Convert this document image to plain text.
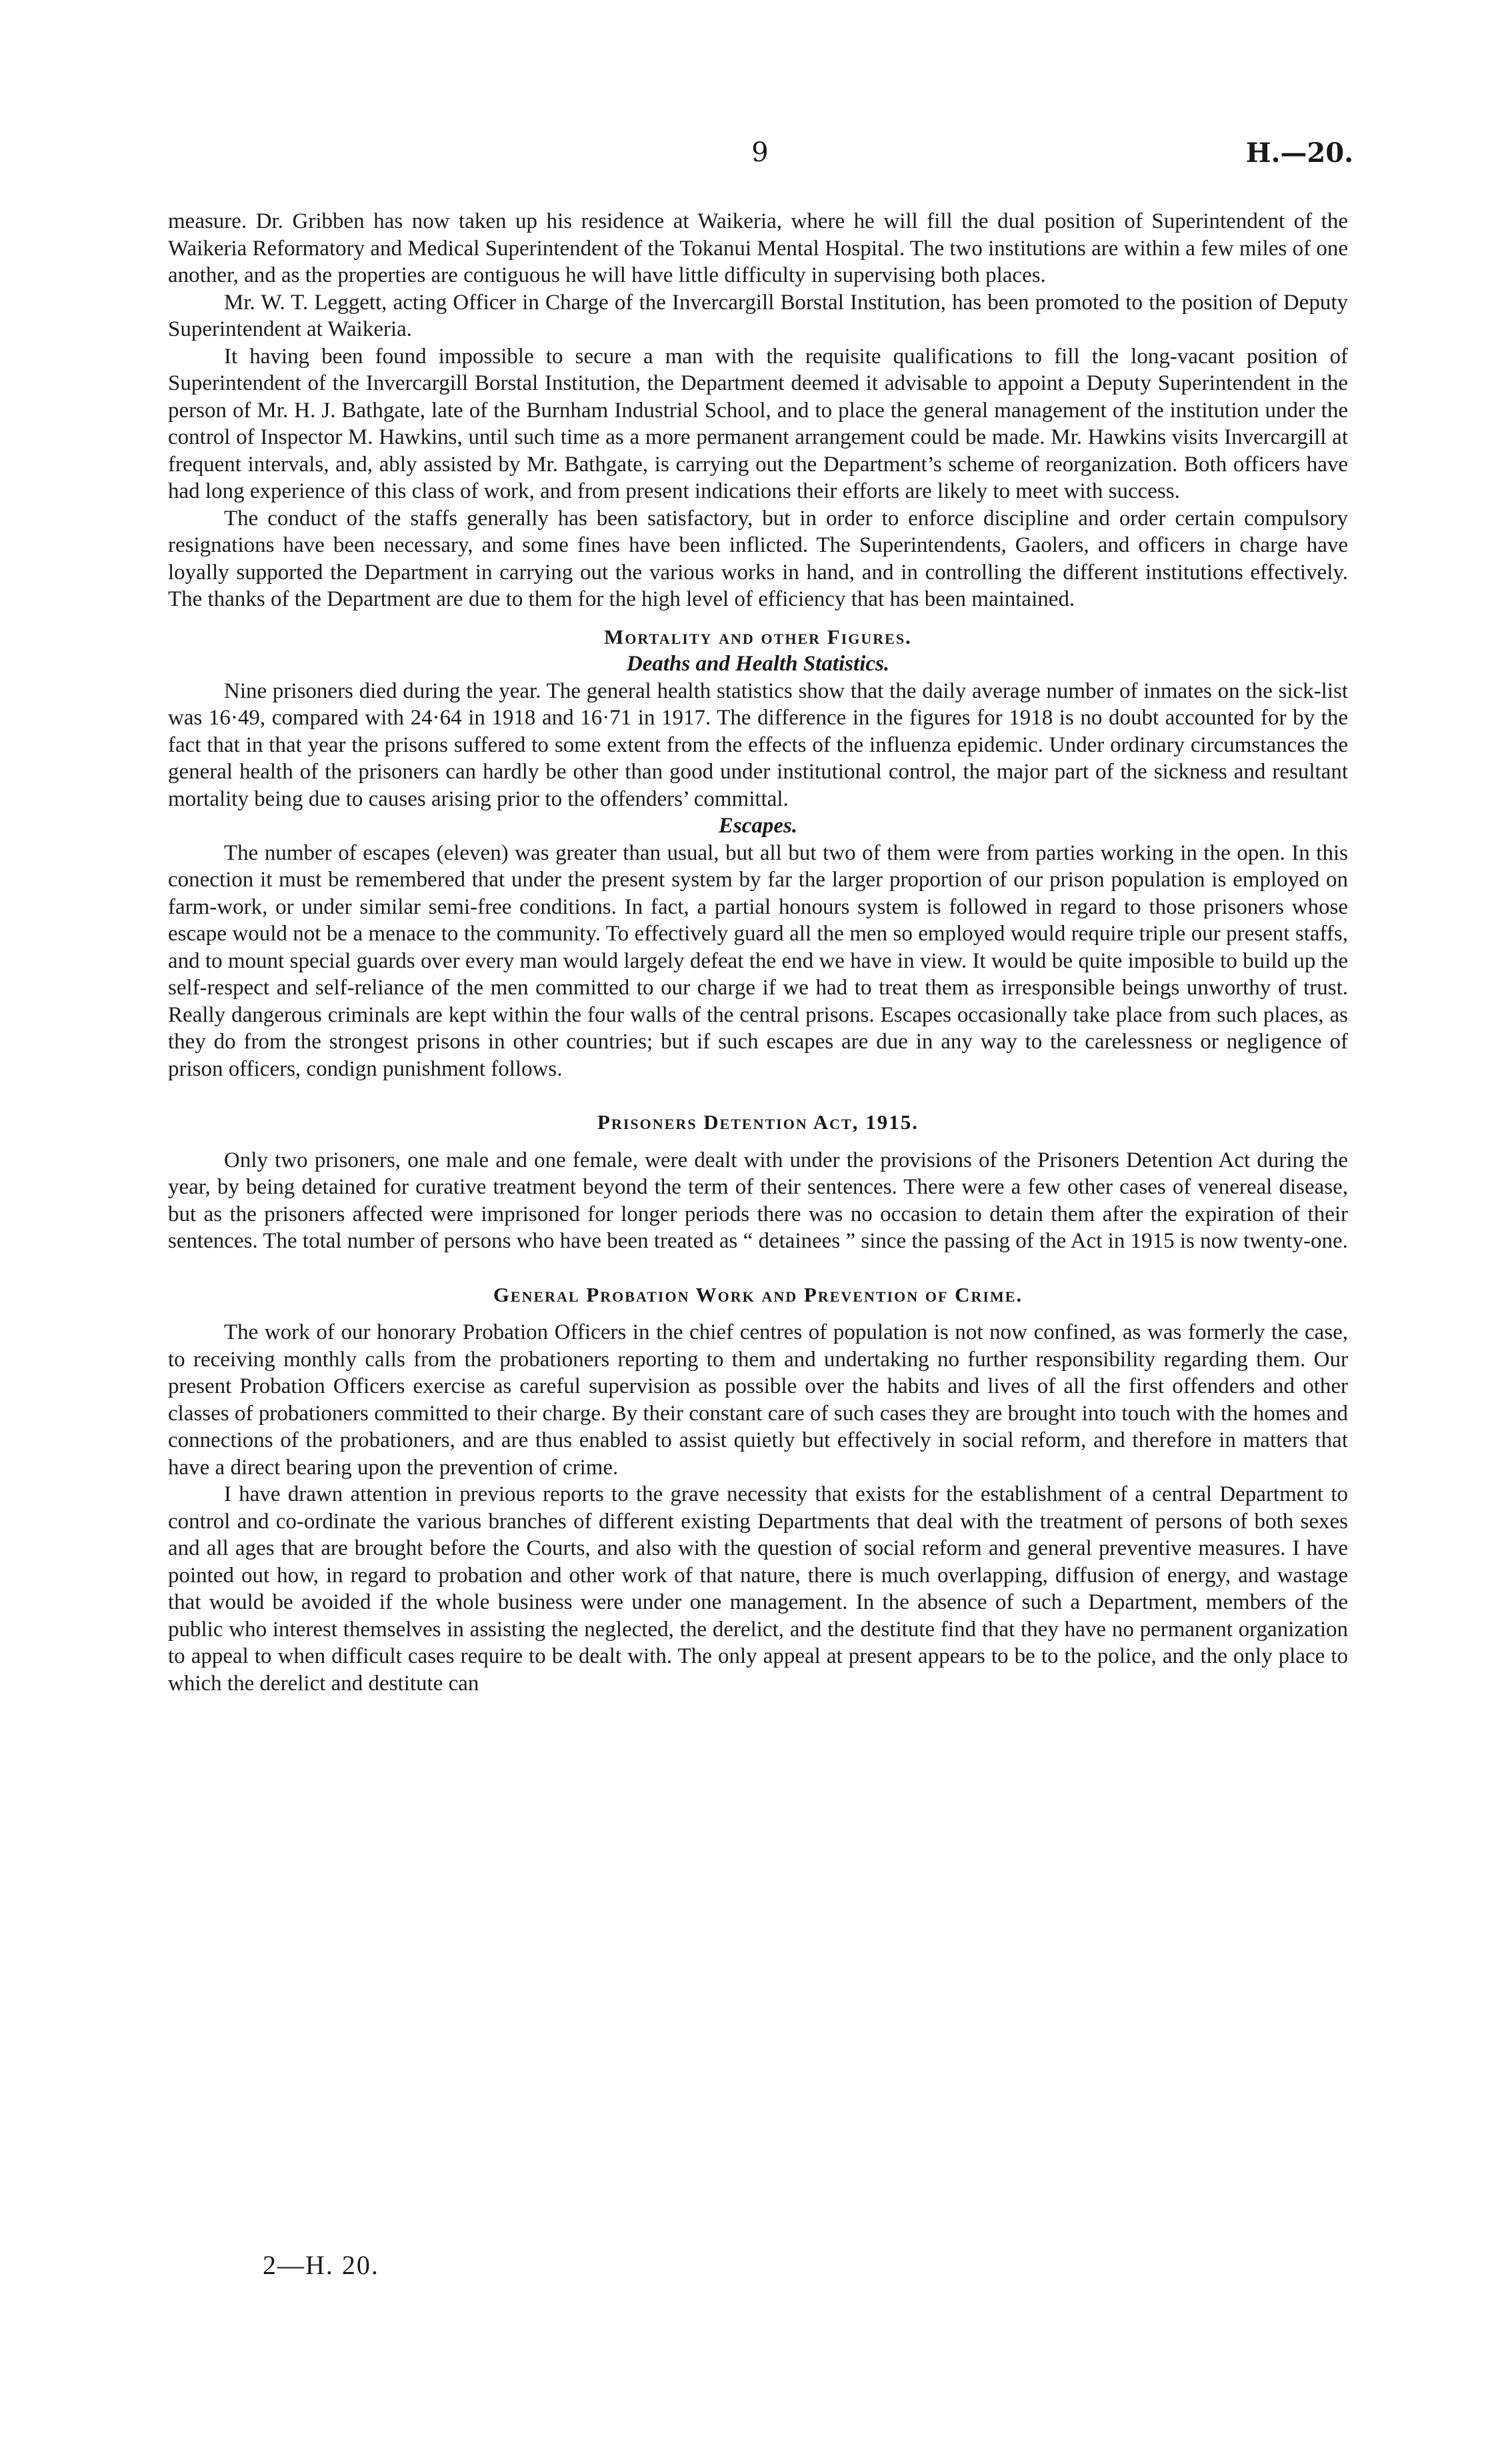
9	H.—20.

measure. Dr. Gribben has now taken up his residence at Waikeria, where he will fill the dual position of Superintendent of the Waikeria Reformatory and Medical Superintendent of the Tokanui Mental Hospital. The two institutions are within a few miles of one another, and as the properties are contiguous he will have little difficulty in supervising both places.

Mr. W. T. Leggett, acting Officer in Charge of the Invercargill Borstal Institution, has been promoted to the position of Deputy Superintendent at Waikeria.

It having been found impossible to secure a man with the requisite qualifications to fill the long-vacant position of Superintendent of the Invercargill Borstal Institution, the Department deemed it advisable to appoint a Deputy Superintendent in the person of Mr. H. J. Bathgate, late of the Burnham Industrial School, and to place the general management of the institution under the control of Inspector M. Hawkins, until such time as a more permanent arrangement could be made. Mr. Hawkins visits Invercargill at frequent intervals, and, ably assisted by Mr. Bathgate, is carrying out the Department’s scheme of reorganization. Both officers have had long experience of this class of work, and from present indications their efforts are likely to meet with success.

The conduct of the staffs generally has been satisfactory, but in order to enforce discipline and order certain compulsory resignations have been necessary, and some fines have been inflicted. The Superintendents, Gaolers, and officers in charge have loyally supported the Department in carrying out the various works in hand, and in controlling the different institutions effectively. The thanks of the Department are due to them for the high level of efficiency that has been maintained.

Mortality and other Figures.
Deaths and Health Statistics.

Nine prisoners died during the year. The general health statistics show that the daily average number of inmates on the sick-list was 16·49, compared with 24·64 in 1918 and 16·71 in 1917. The difference in the figures for 1918 is no doubt accounted for by the fact that in that year the prisons suffered to some extent from the effects of the influenza epidemic. Under ordinary circumstances the general health of the prisoners can hardly be other than good under institutional control, the major part of the sickness and resultant mortality being due to causes arising prior to the offenders’ committal.

Escapes.

The number of escapes (eleven) was greater than usual, but all but two of them were from parties working in the open. In this conection it must be remembered that under the present system by far the larger proportion of our prison population is employed on farm-work, or under similar semi-free conditions. In fact, a partial honours system is followed in regard to those prisoners whose escape would not be a menace to the community. To effectively guard all the men so employed would require triple our present staffs, and to mount special guards over every man would largely defeat the end we have in view. It would be quite imposible to build up the self-respect and self-reliance of the men committed to our charge if we had to treat them as irresponsible beings unworthy of trust. Really dangerous criminals are kept within the four walls of the central prisons. Escapes occasionally take place from such places, as they do from the strongest prisons in other countries; but if such escapes are due in any way to the carelessness or negligence of prison officers, condign punishment follows.

Prisoners Detention Act, 1915.

Only two prisoners, one male and one female, were dealt with under the provisions of the Prisoners Detention Act during the year, by being detained for curative treatment beyond the term of their sentences. There were a few other cases of venereal disease, but as the prisoners affected were imprisoned for longer periods there was no occasion to detain them after the expiration of their sentences. The total number of persons who have been treated as “ detainees ” since the passing of the Act in 1915 is now twenty-one.

General Probation Work and Prevention of Crime.

The work of our honorary Probation Officers in the chief centres of population is not now confined, as was formerly the case, to receiving monthly calls from the probationers reporting to them and undertaking no further responsibility regarding them. Our present Probation Officers exercise as careful supervision as possible over the habits and lives of all the first offenders and other classes of probationers committed to their charge. By their constant care of such cases they are brought into touch with the homes and connections of the probationers, and are thus enabled to assist quietly but effectively in social reform, and therefore in matters that have a direct bearing upon the prevention of crime.

I have drawn attention in previous reports to the grave necessity that exists for the establishment of a central Department to control and co-ordinate the various branches of different existing Departments that deal with the treatment of persons of both sexes and all ages that are brought before the Courts, and also with the question of social reform and general preventive measures. I have pointed out how, in regard to probation and other work of that nature, there is much overlapping, diffusion of energy, and wastage that would be avoided if the whole business were under one management. In the absence of such a Department, members of the public who interest themselves in assisting the neglected, the derelict, and the destitute find that they have no permanent organization to appeal to when difficult cases require to be dealt with. The only appeal at present appears to be to the police, and the only place to which the derelict and destitute can

2—H. 20.
